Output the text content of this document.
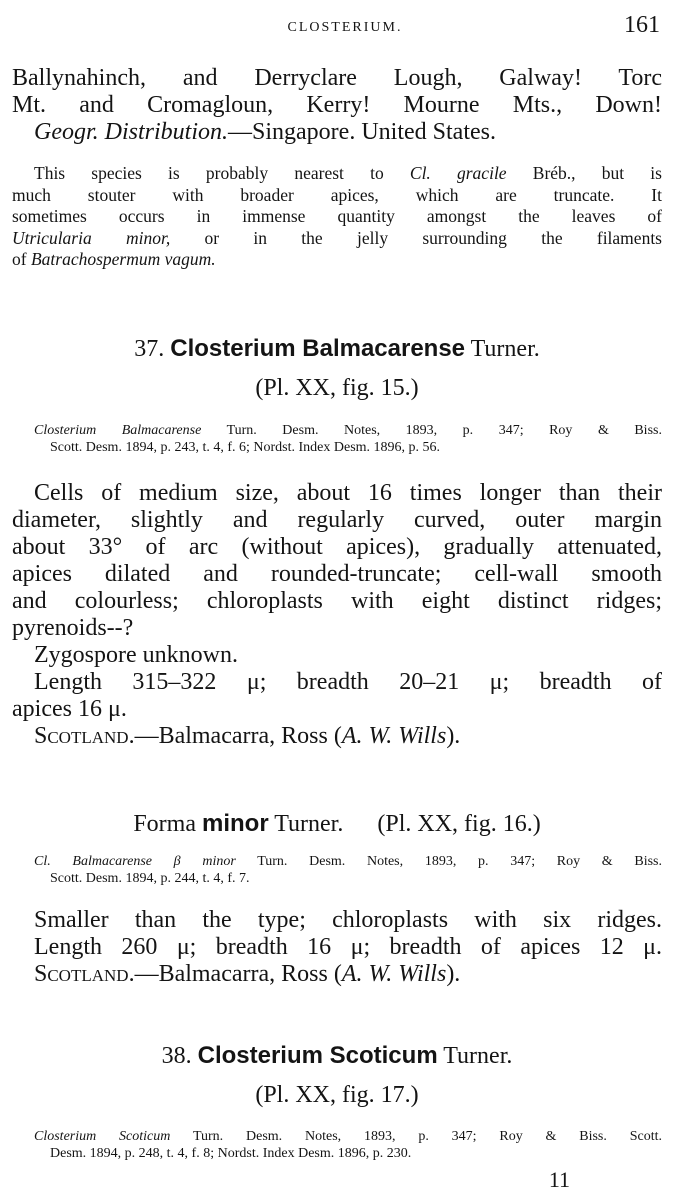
CLOSTERIUM.	161
Ballynahinch, and Derryclare Lough, Galway! Torc
Mt. and Cromagloun, Kerry! Mourne Mts., Down!
Geogr. Distribution.—Singapore. United States.
This species is probably nearest to Cl. gracile Bréb., but is
much stouter with broader apices, which are truncate. It
sometimes occurs in immense quantity amongst the leaves of
Utricularia minor, or in the jelly surrounding the filaments
of Batrachospermum vagum.
37. Closterium Balmacarense Turner.
(Pl. XX, fig. 15.)
Closterium Balmacarense Turn. Desm. Notes, 1893, p. 347; Roy & Biss.
Scott. Desm. 1894, p. 243, t. 4, f. 6; Nordst. Index Desm. 1896, p. 56.
Cells of medium size, about 16 times longer than their
diameter, slightly and regularly curved, outer margin
about 33° of arc (without apices), gradually attenuated,
apices dilated and rounded-truncate; cell-wall smooth
and colourless; chloroplasts with eight distinct ridges;
pyrenoids--?
Zygospore unknown.
Length 315–322 μ; breadth 20–21 μ; breadth of
apices 16 μ.
Scotland.—Balmacarra, Ross (A. W. Wills).
Forma minor Turner. (Pl. XX, fig. 16.)
Cl. Balmacarense β minor Turn. Desm. Notes, 1893, p. 347; Roy & Biss.
Scott. Desm. 1894, p. 244, t. 4, f. 7.
Smaller than the type; chloroplasts with six ridges.
Length 260 μ; breadth 16 μ; breadth of apices 12 μ.
Scotland.—Balmacarra, Ross (A. W. Wills).
38. Closterium Scoticum Turner.
(Pl. XX, fig. 17.)
Closterium Scoticum Turn. Desm. Notes, 1893, p. 347; Roy & Biss. Scott.
Desm. 1894, p. 248, t. 4, f. 8; Nordst. Index Desm. 1896, p. 230.
11
